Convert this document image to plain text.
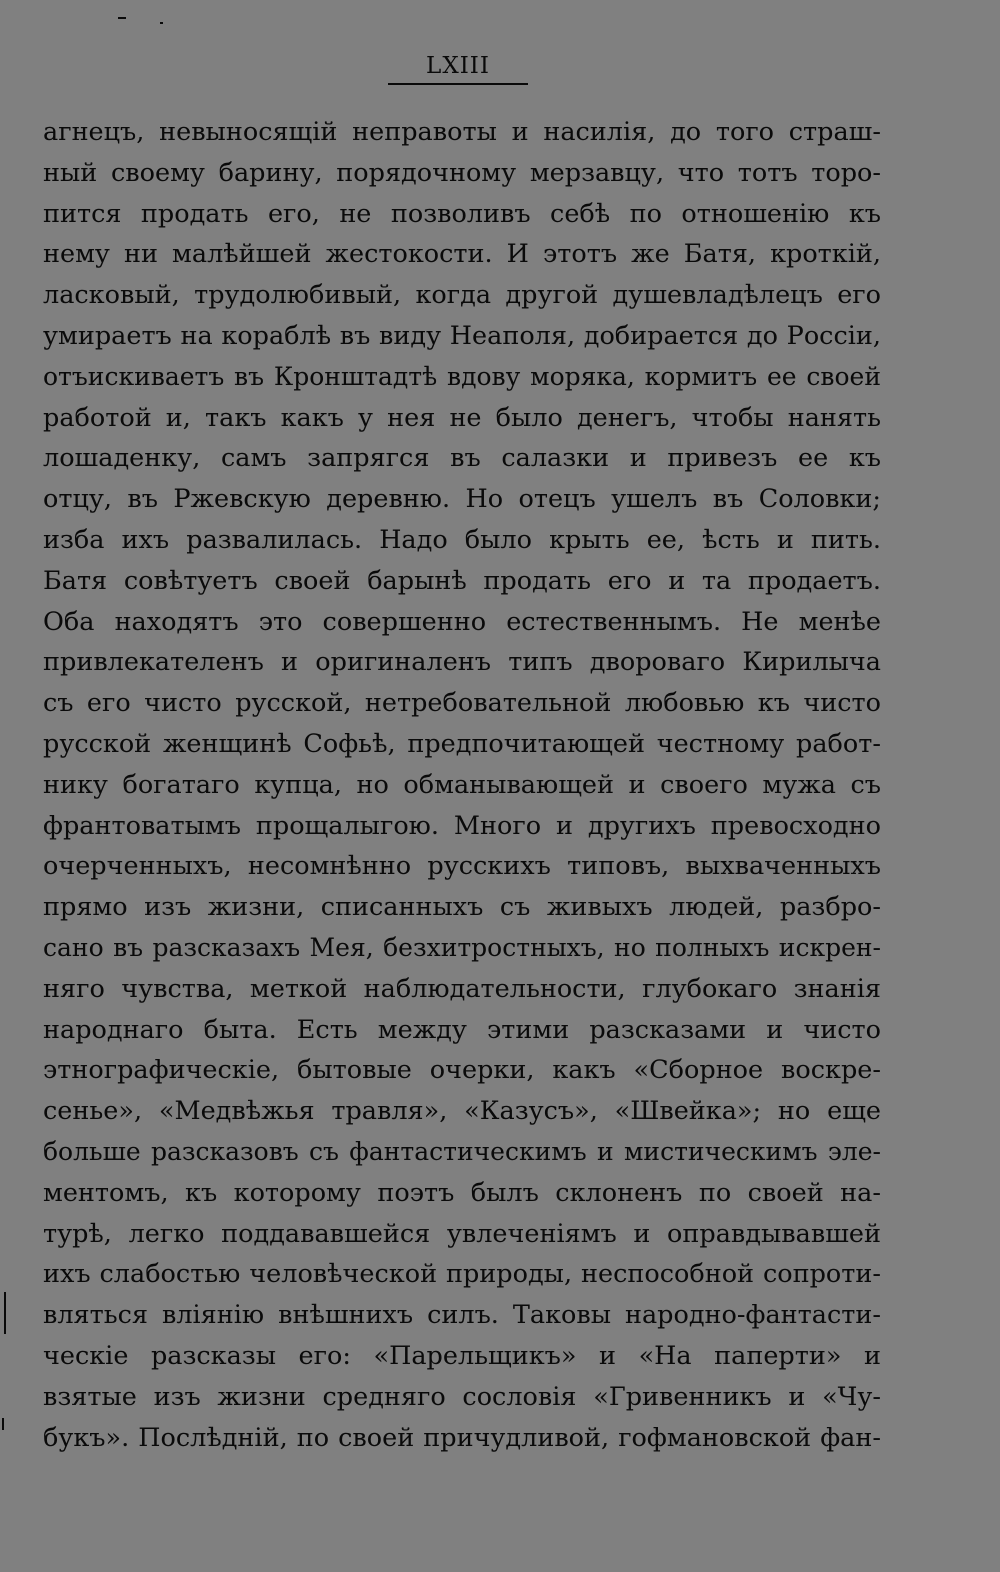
LXIII
агнецъ, невыносящій неправоты и насилія, до того страш-
ный своему барину, порядочному мерзавцу, что тотъ торо-
пится продать его, не позволивъ себѣ по отношенію къ
нему ни малѣйшей жестокости. И этотъ же Батя, кроткій,
ласковый, трудолюбивый, когда другой душевладѣлецъ его
умираетъ на кораблѣ въ виду Неаполя, добирается до Россіи,
отъискиваетъ въ Кронштадтѣ вдову моряка, кормитъ ее своей
работой и, такъ какъ у нея не было денегъ, чтобы нанять
лошаденку, самъ запрягся въ салазки и привезъ ее къ
отцу, въ Ржевскую деревню. Но отецъ ушелъ въ Соловки;
изба ихъ развалилась. Надо было крыть ее, ѣсть и пить.
Батя совѣтуетъ своей барынѣ продать его и та продаетъ.
Оба находятъ это совершенно естественнымъ. Не менѣе
привлекателенъ и оригиналенъ типъ двороваго Кирилыча
съ его чисто русской, нетребовательной любовью къ чисто
русской женщинѣ Софьѣ, предпочитающей честному работ-
нику богатаго купца, но обманывающей и своего мужа съ
франтоватымъ прощалыгою. Много и другихъ превосходно
очерченныхъ, несомнѣнно русскихъ типовъ, выхваченныхъ
прямо изъ жизни, списанныхъ съ живыхъ людей, разбро-
сано въ разсказахъ Мея, безхитростныхъ, но полныхъ искрен-
няго чувства, меткой наблюдательности, глубокаго знанія
народнаго быта. Есть между этими разсказами и чисто
этнографическіе, бытовые очерки, какъ «Сборное воскре-
сенье», «Медвѣжья травля», «Казусъ», «Швейка»; но еще
больше разсказовъ съ фантастическимъ и мистическимъ эле-
ментомъ, къ которому поэтъ былъ склоненъ по своей на-
турѣ, легко поддававшейся увлеченіямъ и оправдывавшей
ихъ слабостью человѣческой природы, неспособной сопроти-
вляться вліянію внѣшнихъ силъ. Таковы народно-фантасти-
ческіе разсказы его: «Парельщикъ» и «На паперти» и
взятые изъ жизни средняго сословія «Гривенникъ и «Чу-
букъ». Послѣдній, по своей причудливой, гофмановской фан-
